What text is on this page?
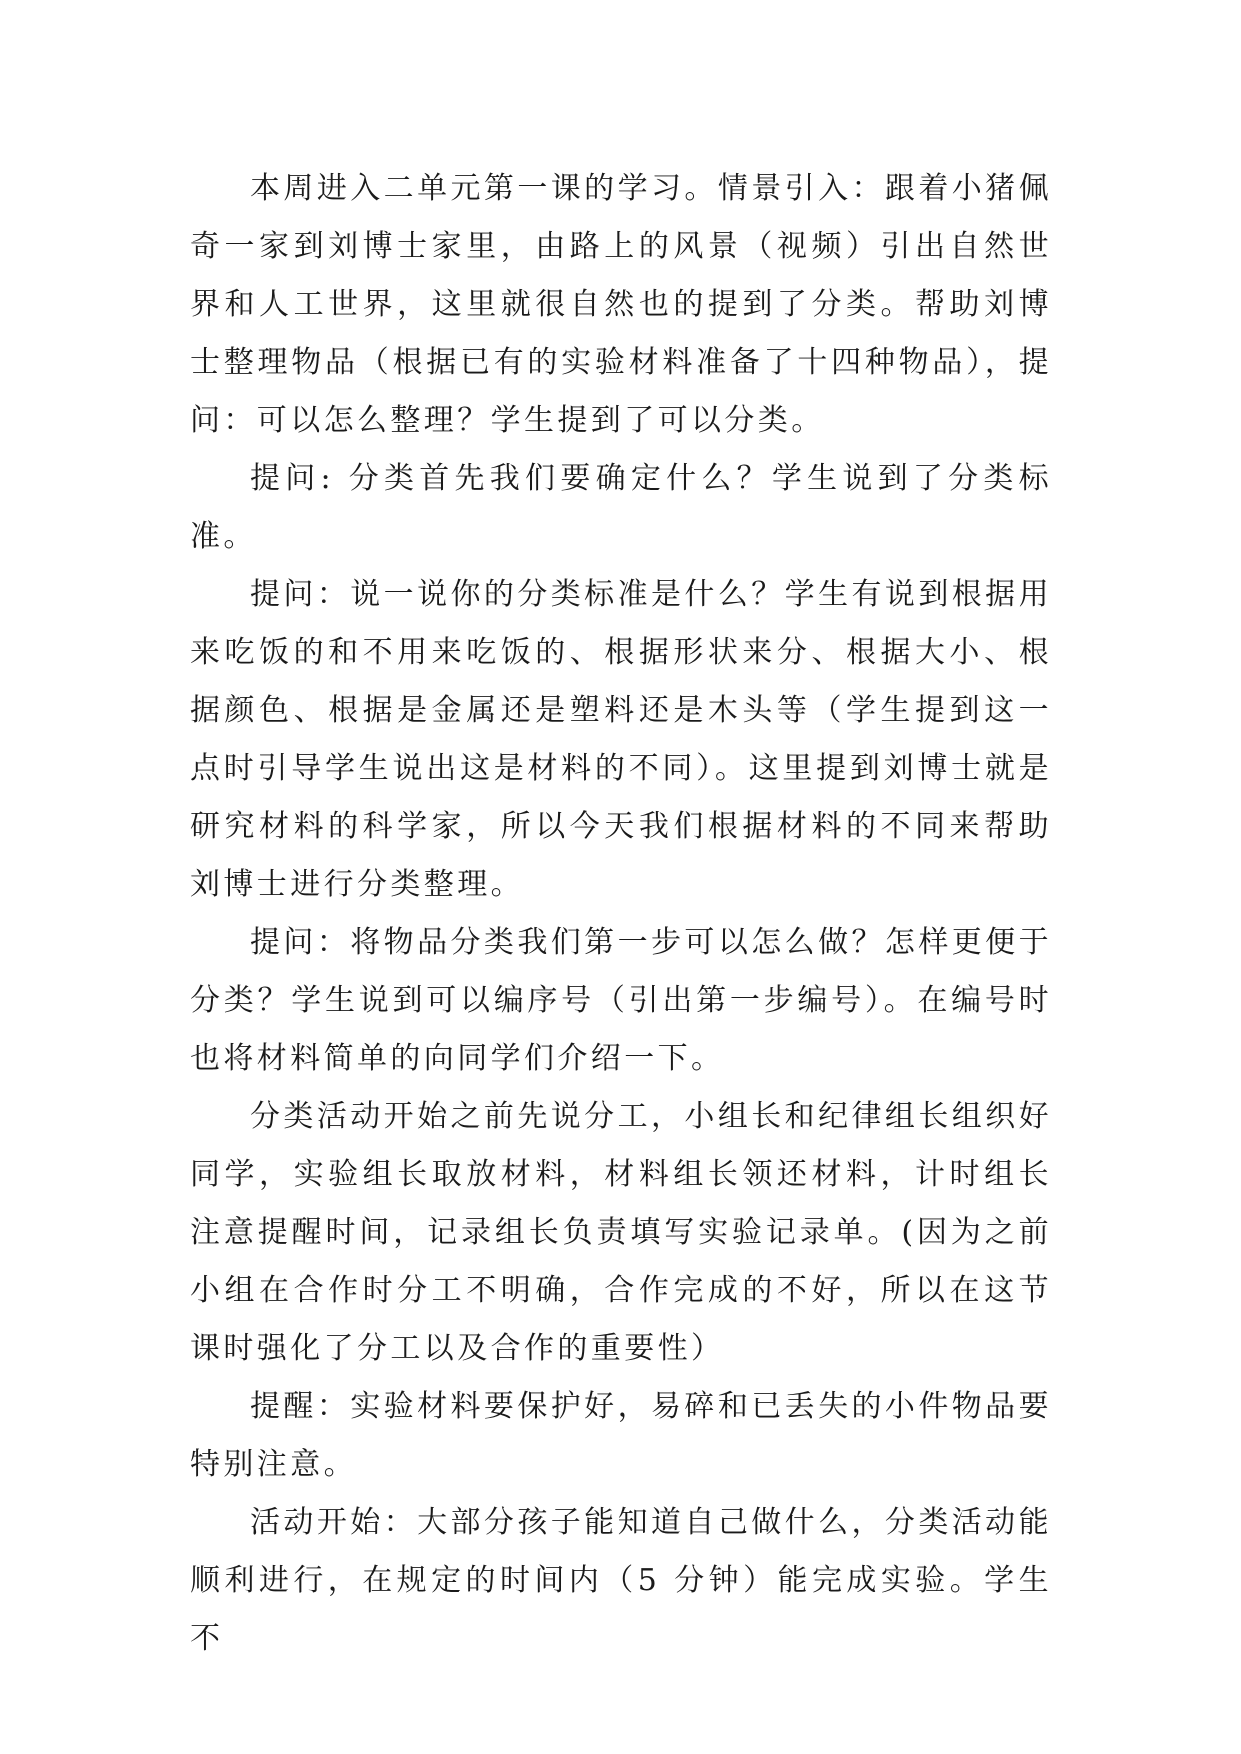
本周进入二单元第一课的学习。情景引入：跟着小猪佩奇一家到刘博士家里，由路上的风景（视频）引出自然世界和人工世界，这里就很自然也的提到了分类。帮助刘博士整理物品（根据已有的实验材料准备了十四种物品），提问：可以怎么整理？学生提到了可以分类。

提问: 分类首先我们要确定什么？学生说到了分类标准。

提问：说一说你的分类标准是什么？学生有说到根据用来吃饭的和不用来吃饭的、根据形状来分、根据大小、根据颜色、根据是金属还是塑料还是木头等（学生提到这一点时引导学生说出这是材料的不同）。这里提到刘博士就是研究材料的科学家，所以今天我们根据材料的不同来帮助刘博士进行分类整理。

提问：将物品分类我们第一步可以怎么做？怎样更便于分类？学生说到可以编序号（引出第一步编号）。在编号时也将材料简单的向同学们介绍一下。

分类活动开始之前先说分工，小组长和纪律组长组织好同学，实验组长取放材料，材料组长领还材料，计时组长注意提醒时间，记录组长负责填写实验记录单。(因为之前小组在合作时分工不明确，合作完成的不好，所以在这节课时强化了分工以及合作的重要性）

提醒：实验材料要保护好，易碎和已丢失的小件物品要特别注意。

活动开始：大部分孩子能知道自己做什么，分类活动能顺利进行，在规定的时间内（5 分钟）能完成实验。学生不
